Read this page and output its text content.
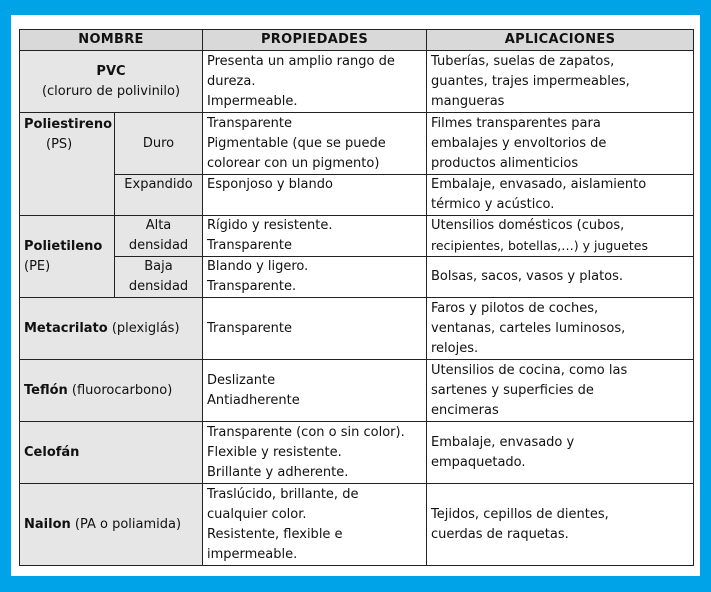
NOMBRE		PROPIEDADES	APLICACIONES

PVC
(cloruro de polivinilo)		Presenta un amplio rango de
dureza.
Impermeable.	Tuberías, suelas de zapatos,
guantes, trajes impermeables,
mangueras

Poliestireno
(PS)	Duro	Transparente
Pigmentable (que se puede
colorear con un pigmento)	Filmes transparentes para
embalajes y envoltorios de
productos alimenticios

	Expandido	Esponjoso y blando	Embalaje, envasado, aislamiento
térmico y acústico.

Polietileno
(PE)	Alta
densidad	Rígido y resistente.
Transparente	Utensilios domésticos (cubos,
recipientes, botellas,…) y juguetes

	Baja
densidad	Blando y ligero.
Transparente.	Bolsas, sacos, vasos y platos.

Metacrilato (plexiglás)		Transparente	Faros y pilotos de coches,
ventanas, carteles luminosos,
relojes.

Teflón (fluorocarbono)		Deslizante
Antiadherente	Utensilios de cocina, como las
sartenes y superficies de
encimeras

Celofán		Transparente (con o sin color).
Flexible y resistente.
Brillante y adherente.	Embalaje, envasado y
empaquetado.

Nailon (PA o poliamida)		Traslúcido, brillante, de
cualquier color.
Resistente, flexible e
impermeable.	Tejidos, cepillos de dientes,
cuerdas de raquetas.
